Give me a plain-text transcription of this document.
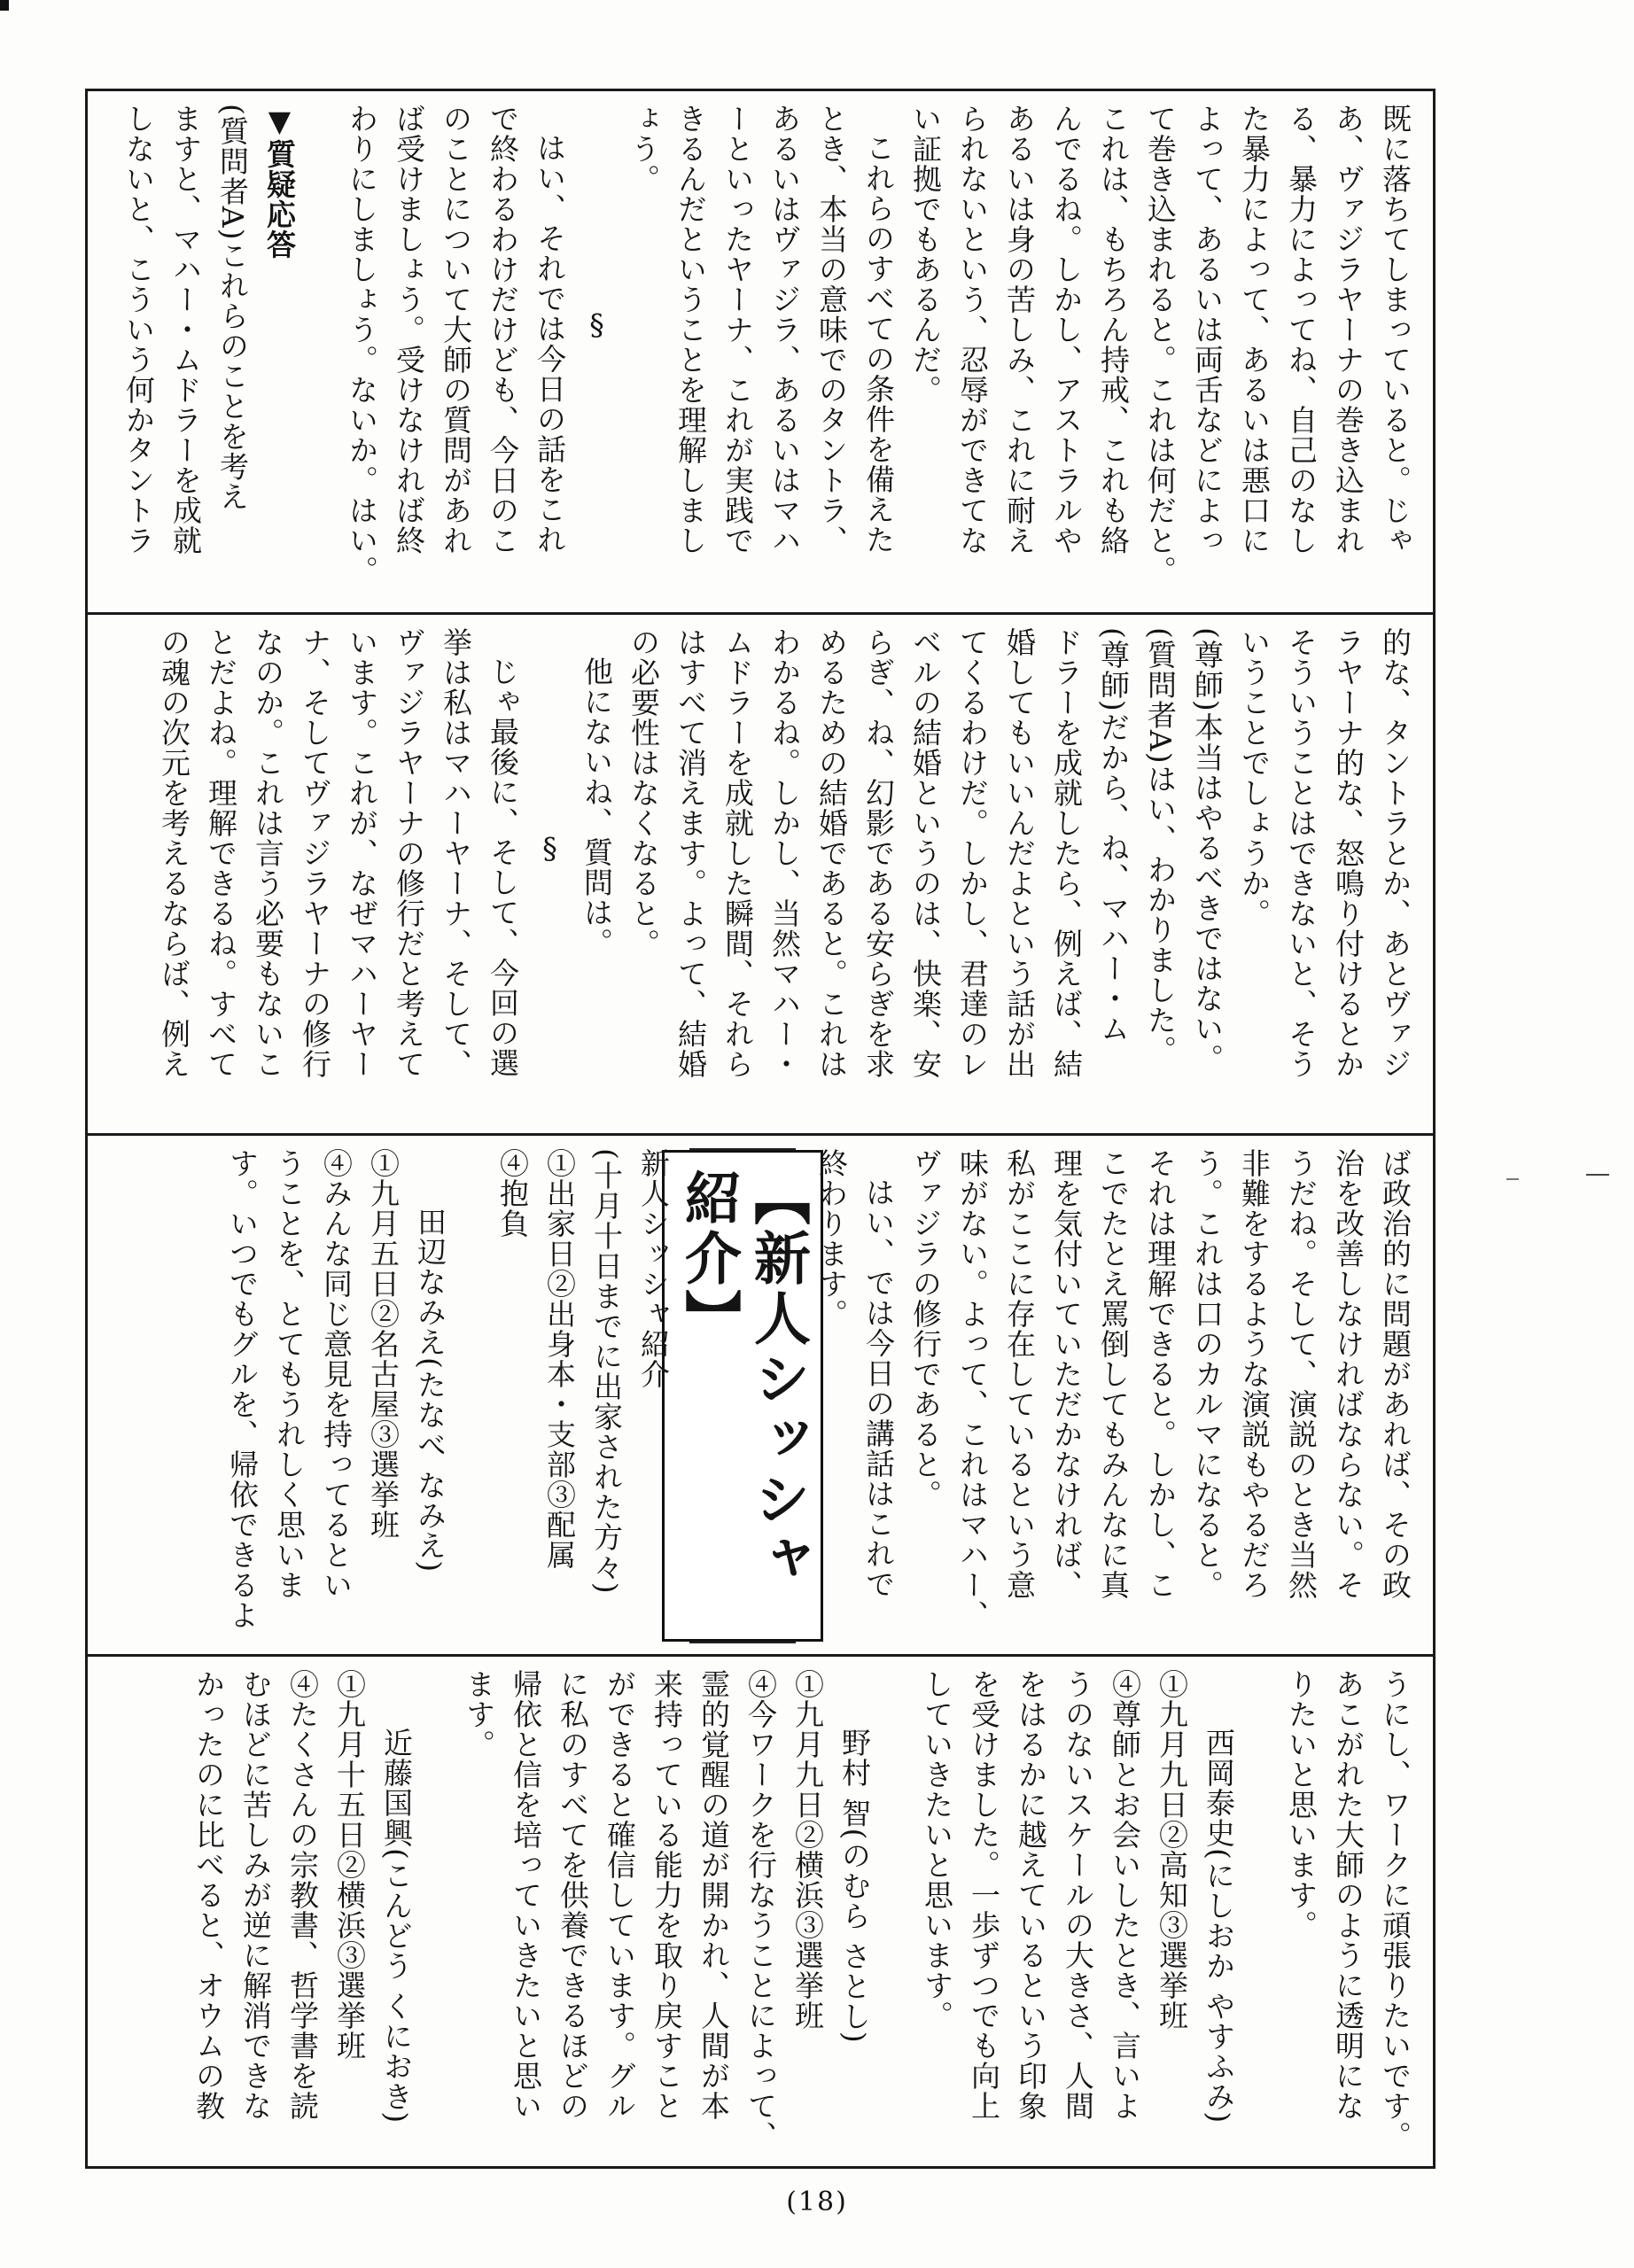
既に落ちてしまっていると。じゃ
あ、ヴァジラヤーナの巻き込まれ
る、暴力によってね、自己のなし
た暴力によって、あるいは悪口に
よって、あるいは両舌などによっ
て巻き込まれると。これは何だと。
これは、もちろん持戒、これも絡
んでるね。しかし、アストラルや
あるいは身の苦しみ、これに耐え
られないという、忍辱ができてな
い証拠でもあるんだ。
これらのすべての条件を備えた
とき、本当の意味でのタントラ、
あるいはヴァジラ、あるいはマハ
ーといったヤーナ、これが実践で
きるんだということを理解しまし
ょう。
§
はい、それでは今日の話をこれ
で終わるわけだけども、今日のこ
のことについて大師の質問があれ
ば受けましょう。受けなければ終
わりにしましょう。ないか。はい。
▼質疑応答
(質問者A)これらのことを考え
ますと、マハー・ムドラーを成就
しないと、こういう何かタントラ
的な、タントラとか、あとヴァジ
ラヤーナ的な、怒鳴り付けるとか
そういうことはできないと、そう
いうことでしょうか。
(尊師)本当はやるべきではない。
(質問者A)はい、わかりました。
(尊師)だから、ね、マハー・ム
ドラーを成就したら、例えば、結
婚してもいいんだよという話が出
てくるわけだ。しかし、君達のレ
ベルの結婚というのは、快楽、安
らぎ、ね、幻影である安らぎを求
めるための結婚であると。これは
わかるね。しかし、当然マハー・
ムドラーを成就した瞬間、それら
はすべて消えます。よって、結婚
の必要性はなくなると。
他にないね、質問は。
§
じゃ最後に、そして、今回の選
挙は私はマハーヤーナ、そして、
ヴァジラヤーナの修行だと考えて
います。これが、なぜマハーヤー
ナ、そしてヴァジラヤーナの修行
なのか。これは言う必要もないこ
とだよね。理解できるね。すべて
の魂の次元を考えるならば、例え
ば政治的に問題があれば、その政
治を改善しなければならない。そ
うだね。そして、演説のとき当然
非難をするような演説もやるだろ
う。これは口のカルマになると。
それは理解できると。しかし、こ
こでたとえ罵倒してもみんなに真
理を気付いていただかなければ、
私がここに存在しているという意
味がない。よって、これはマハー、
ヴァジラの修行であると。
はい、では今日の講話はこれで
終わります。
【新人シッシャ紹介】
新人シッシャ紹介
(十月十日までに出家された方々)
①出家日②出身本・支部③配属
④抱負
田辺なみえ(たなべ なみえ)
①九月五日②名古屋③選挙班
④みんな同じ意見を持ってるとい
うことを、とてもうれしく思いま
す。いつでもグルを、帰依できるよ
うにし、ワークに頑張りたいです。
あこがれた大師のように透明にな
りたいと思います。
西岡泰史(にしおか やすふみ)
①九月九日②高知③選挙班
④尊師とお会いしたとき、言いよ
うのないスケールの大きさ、人間
をはるかに越えているという印象
を受けました。一歩ずつでも向上
していきたいと思います。
野村 智(のむら さとし)
①九月九日②横浜③選挙班
④今ワークを行なうことによって、
霊的覚醒の道が開かれ、人間が本
来持っている能力を取り戻すこと
ができると確信しています。グル
に私のすべてを供養できるほどの
帰依と信を培っていきたいと思い
ます。
近藤国興(こんどう くにおき)
①九月十五日②横浜③選挙班
④たくさんの宗教書、哲学書を読
むほどに苦しみが逆に解消できな
かったのに比べると、オウムの教
(18)
